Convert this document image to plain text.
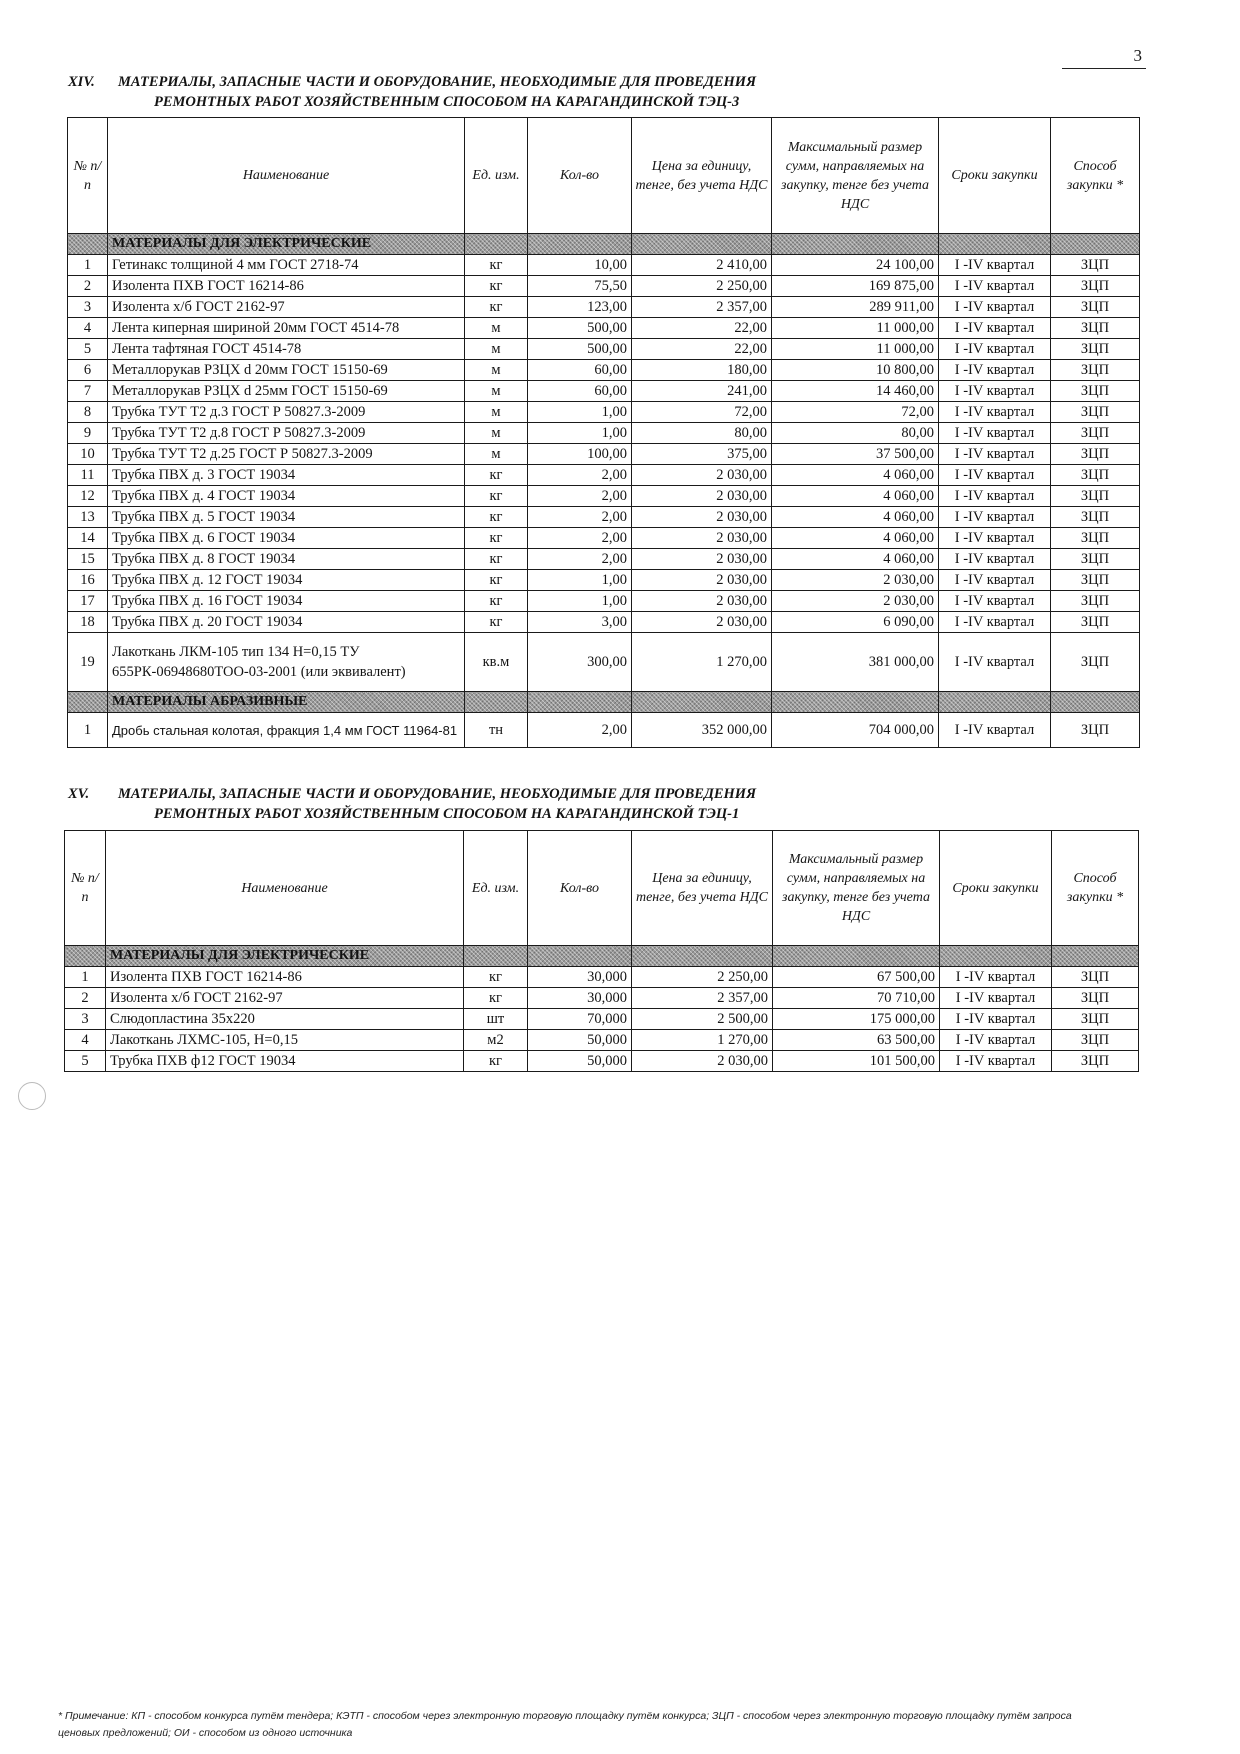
3
XIV. МАТЕРИАЛЫ, ЗАПАСНЫЕ ЧАСТИ И ОБОРУДОВАНИЕ, НЕОБХОДИМЫЕ ДЛЯ ПРОВЕДЕНИЯ
РЕМОНТНЫХ РАБОТ ХОЗЯЙСТВЕННЫМ СПОСОБОМ НА КАРАГАНДИНСКОЙ ТЭЦ-3
№ п/п	Наименование	Ед. изм.	Кол-во	Цена за единицу, тенге, без учета НДС	Максимальный размер сумм, направляемых на закупку, тенге без учета НДС	Сроки закупки	Способ закупки *
	МАТЕРИАЛЫ ДЛЯ ЭЛЕКТРИЧЕСКИЕ						
1	Гетинакс толщиной 4 мм ГОСТ 2718-74	кг	10,00	2 410,00	24 100,00	I -IV квартал	ЗЦП
2	Изолента ПХВ ГОСТ 16214-86	кг	75,50	2 250,00	169 875,00	I -IV квартал	ЗЦП
3	Изолента х/б ГОСТ 2162-97	кг	123,00	2 357,00	289 911,00	I -IV квартал	ЗЦП
4	Лента киперная шириной 20мм ГОСТ 4514-78	м	500,00	22,00	11 000,00	I -IV квартал	ЗЦП
5	Лента тафтяная ГОСТ 4514-78	м	500,00	22,00	11 000,00	I -IV квартал	ЗЦП
6	Металлорукав РЗЦХ d 20мм ГОСТ 15150-69	м	60,00	180,00	10 800,00	I -IV квартал	ЗЦП
7	Металлорукав РЗЦХ d 25мм ГОСТ 15150-69	м	60,00	241,00	14 460,00	I -IV квартал	ЗЦП
8	Трубка ТУТ Т2 д.3 ГОСТ Р 50827.3-2009	м	1,00	72,00	72,00	I -IV квартал	ЗЦП
9	Трубка ТУТ Т2 д.8 ГОСТ Р 50827.3-2009	м	1,00	80,00	80,00	I -IV квартал	ЗЦП
10	Трубка ТУТ Т2 д.25 ГОСТ Р 50827.3-2009	м	100,00	375,00	37 500,00	I -IV квартал	ЗЦП
11	Трубка ПВХ д. 3 ГОСТ 19034	кг	2,00	2 030,00	4 060,00	I -IV квартал	ЗЦП
12	Трубка ПВХ д. 4 ГОСТ 19034	кг	2,00	2 030,00	4 060,00	I -IV квартал	ЗЦП
13	Трубка ПВХ д. 5 ГОСТ 19034	кг	2,00	2 030,00	4 060,00	I -IV квартал	ЗЦП
14	Трубка ПВХ д. 6 ГОСТ 19034	кг	2,00	2 030,00	4 060,00	I -IV квартал	ЗЦП
15	Трубка ПВХ д. 8 ГОСТ 19034	кг	2,00	2 030,00	4 060,00	I -IV квартал	ЗЦП
16	Трубка ПВХ д. 12 ГОСТ 19034	кг	1,00	2 030,00	2 030,00	I -IV квартал	ЗЦП
17	Трубка ПВХ д. 16 ГОСТ 19034	кг	1,00	2 030,00	2 030,00	I -IV квартал	ЗЦП
18	Трубка ПВХ д. 20 ГОСТ 19034	кг	3,00	2 030,00	6 090,00	I -IV квартал	ЗЦП
19	Лакоткань ЛКМ-105 тип 134 Н=0,15 ТУ 655РК-06948680ТОО-03-2001 (или эквивалент)	кв.м	300,00	1 270,00	381 000,00	I -IV квартал	ЗЦП
	МАТЕРИАЛЫ АБРАЗИВНЫЕ						
1	Дробь стальная колотая, фракция 1,4 мм ГОСТ 11964-81	тн	2,00	352 000,00	704 000,00	I -IV квартал	ЗЦП
XV. МАТЕРИАЛЫ, ЗАПАСНЫЕ ЧАСТИ И ОБОРУДОВАНИЕ, НЕОБХОДИМЫЕ ДЛЯ ПРОВЕДЕНИЯ
РЕМОНТНЫХ РАБОТ ХОЗЯЙСТВЕННЫМ СПОСОБОМ НА КАРАГАНДИНСКОЙ ТЭЦ-1
№ п/п	Наименование	Ед. изм.	Кол-во	Цена за единицу, тенге, без учета НДС	Максимальный размер сумм, направляемых на закупку, тенге без учета НДС	Сроки закупки	Способ закупки *
	МАТЕРИАЛЫ ДЛЯ ЭЛЕКТРИЧЕСКИЕ						
1	Изолента ПХВ ГОСТ 16214-86	кг	30,000	2 250,00	67 500,00	I -IV квартал	ЗЦП
2	Изолента х/б ГОСТ 2162-97	кг	30,000	2 357,00	70 710,00	I -IV квартал	ЗЦП
3	Слюдопластина 35х220	шт	70,000	2 500,00	175 000,00	I -IV квартал	ЗЦП
4	Лакоткань ЛХМС-105, Н=0,15	м2	50,000	1 270,00	63 500,00	I -IV квартал	ЗЦП
5	Трубка ПХВ ф12 ГОСТ 19034	кг	50,000	2 030,00	101 500,00	I -IV квартал	ЗЦП
* Примечание: КП - способом конкурса путём тендера; КЭТП - способом через электронную торговую площадку путём конкурса; ЗЦП - способом через электронную торговую площадку путём запроса ценовых предложений; ОИ - способом из одного источника
